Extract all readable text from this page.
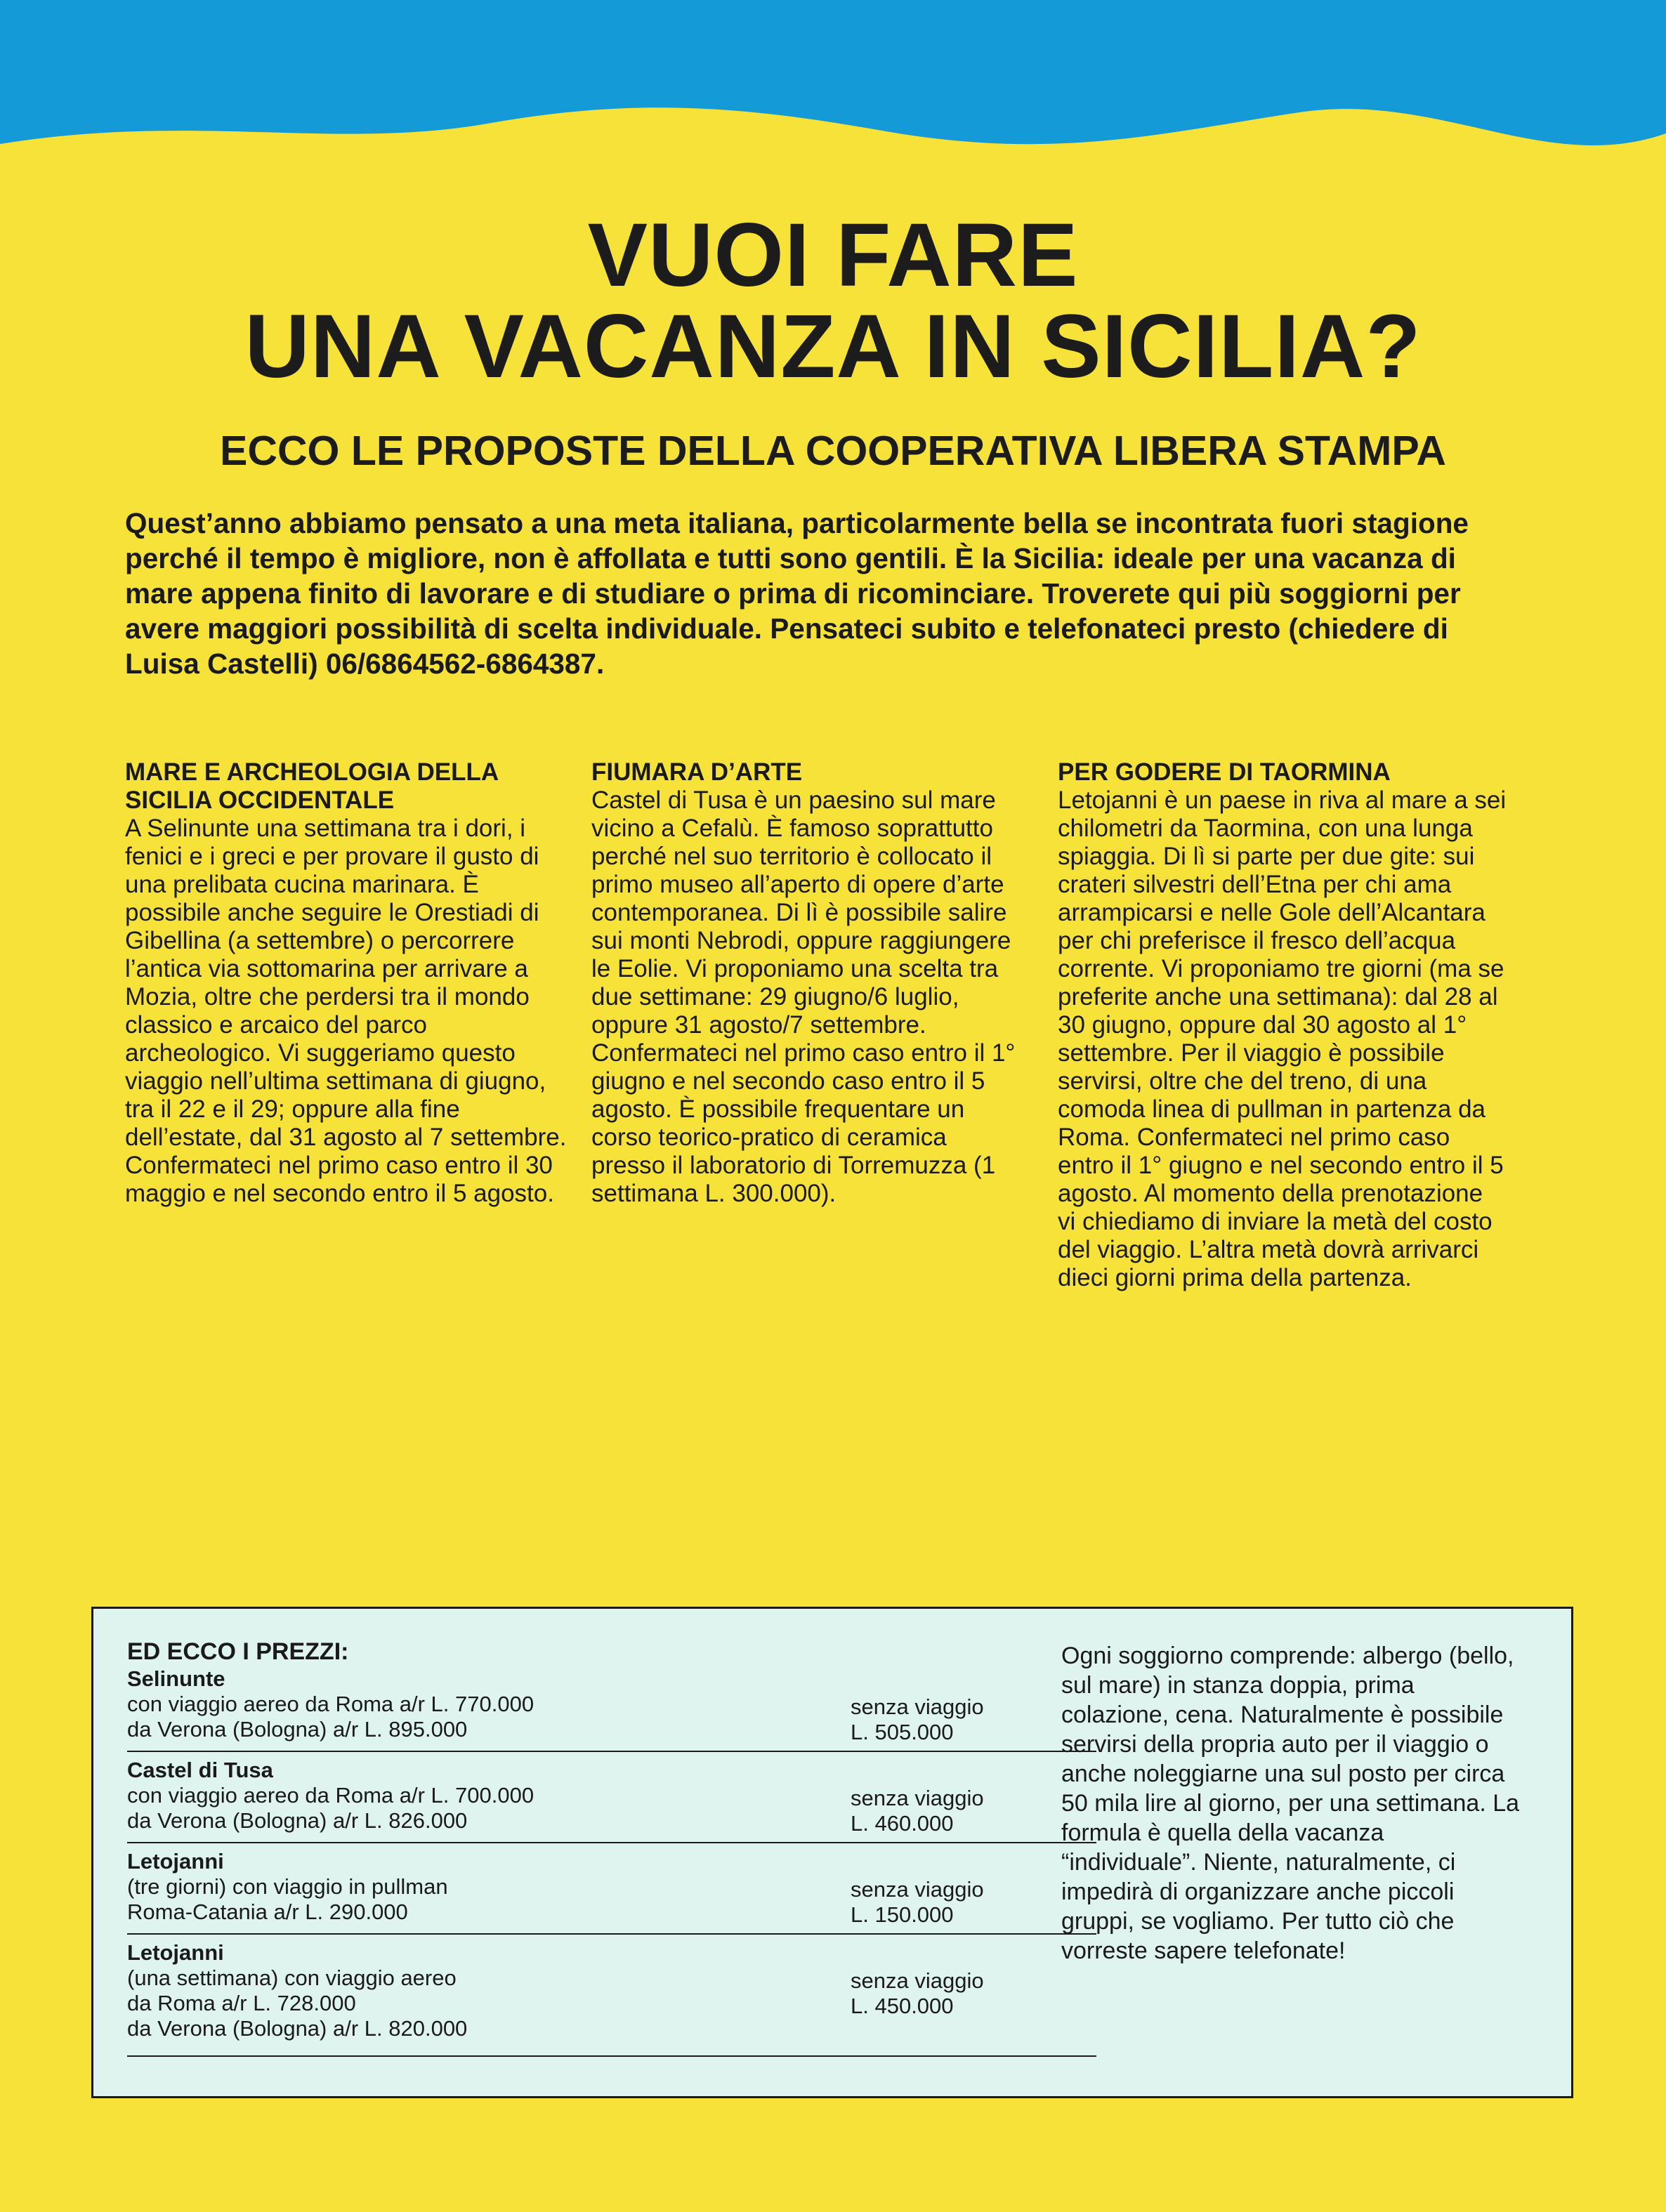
VUOI FARE
UNA VACANZA IN SICILIA?
ECCO LE PROPOSTE DELLA COOPERATIVA LIBERA STAMPA

Quest’anno abbiamo pensato a una meta italiana, particolarmente bella se incontrata fuori stagione perché il tempo è migliore, non è affollata e tutti sono gentili. È la Sicilia: ideale per una vacanza di mare appena finito di lavorare e di studiare o prima di ricominciare. Troverete qui più soggiorni per avere maggiori possibilità di scelta individuale. Pensateci subito e telefonateci presto (chiedere di Luisa Castelli) 06/6864562-6864387.

MARE E ARCHEOLOGIA DELLA SICILIA OCCIDENTALE

A Selinunte una settimana tra i dori, i fenici e i greci e per provare il gusto di una prelibata cucina marinara. È possibile anche seguire le Orestiadi di Gibellina (a settembre) o percorrere l’antica via sottomarina per arrivare a Mozia, oltre che perdersi tra il mondo classico e arcaico del parco archeologico. Vi suggeriamo questo viaggio nell’ultima settimana di giugno, tra il 22 e il 29; oppure alla fine dell’estate, dal 31 agosto al 7 settembre. Confermateci nel primo caso entro il 30 maggio e nel secondo entro il 5 agosto.

FIUMARA D’ARTE

Castel di Tusa è un paesino sul mare vicino a Cefalù. È famoso soprattutto perché nel suo territorio è collocato il primo museo all’aperto di opere d’arte contemporanea. Di lì è possibile salire sui monti Nebrodi, oppure raggiungere le Eolie. Vi proponiamo una scelta tra due settimane: 29 giugno/6 luglio, oppure 31 agosto/7 settembre. Confermateci nel primo caso entro il 1° giugno e nel secondo caso entro il 5 agosto. È possibile frequentare un corso teorico-pratico di ceramica presso il laboratorio di Torremuzza (1 settimana L. 300.000).

PER GODERE DI TAORMINA

Letojanni è un paese in riva al mare a sei chilometri da Taormina, con una lunga spiaggia. Di lì si parte per due gite: sui crateri silvestri dell’Etna per chi ama arrampicarsi e nelle Gole dell’Alcantara per chi preferisce il fresco dell’acqua corrente. Vi proponiamo tre giorni (ma se preferite anche una settimana): dal 28 al 30 giugno, oppure dal 30 agosto al 1° settembre. Per il viaggio è possibile servirsi, oltre che del treno, di una comoda linea di pullman in partenza da Roma. Confermateci nel primo caso entro il 1° giugno e nel secondo entro il 5 agosto. Al momento della prenotazione vi chiediamo di inviare la metà del costo del viaggio. L’altra metà dovrà arrivarci dieci giorni prima della partenza.

ED ECCO I PREZZI:
Selinunte
con viaggio aereo da Roma a/r L. 770.000
da Verona (Bologna) a/r L. 895.000
senza viaggio
L. 505.000
Castel di Tusa
con viaggio aereo da Roma a/r L. 700.000
da Verona (Bologna) a/r L. 826.000
senza viaggio
L. 460.000
Letojanni
(tre giorni) con viaggio in pullman
Roma-Catania a/r L. 290.000
senza viaggio
L. 150.000
Letojanni
(una settimana) con viaggio aereo
da Roma a/r L. 728.000
da Verona (Bologna) a/r L. 820.000
senza viaggio
L. 450.000

Ogni soggiorno comprende: albergo (bello, sul mare) in stanza doppia, prima colazione, cena. Naturalmente è possibile servirsi della propria auto per il viaggio o anche noleggiarne una sul posto per circa 50 mila lire al giorno, per una settimana. La formula è quella della vacanza “individuale”. Niente, naturalmente, ci impedirà di organizzare anche piccoli gruppi, se vogliamo. Per tutto ciò che vorreste sapere telefonate!
